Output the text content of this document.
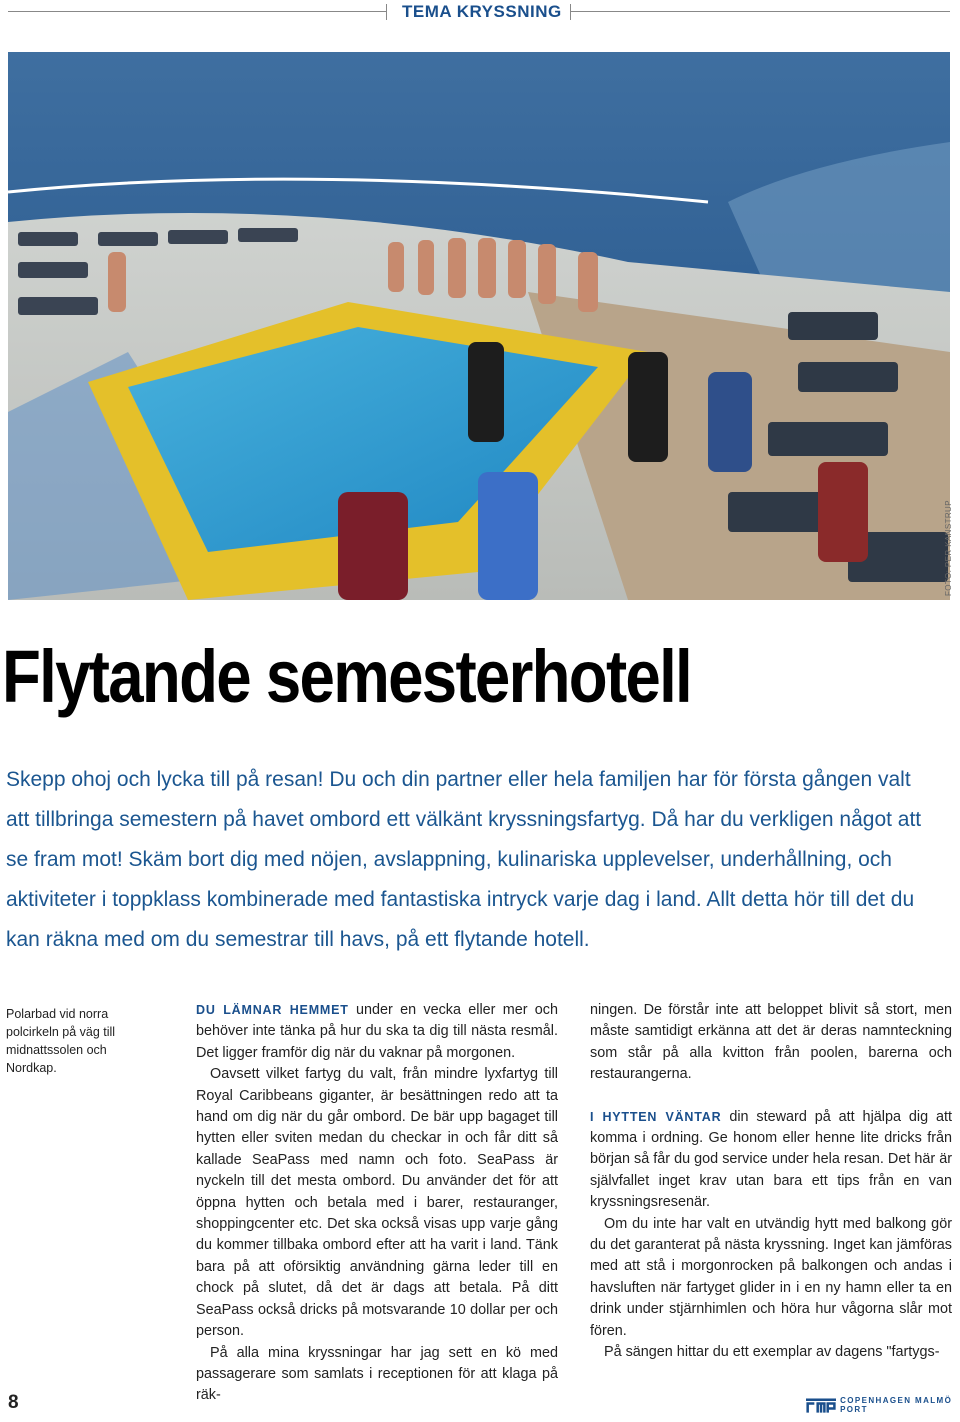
TEMA KRYSSNING
FOTO: PER KANSTRUP
Flytande semesterhotell

Skepp ohoj och lycka till på resan! Du och din partner eller hela familjen har för första gången valt att tillbringa semestern på havet ombord ett välkänt kryssningsfartyg. Då har du verkligen något att se fram mot! Skäm bort dig med nöjen, avslappning, kulinariska upplevelser, underhållning, och aktiviteter i toppklass kombinerade med fantastiska intryck varje dag i land. Allt detta hör till det du kan räkna med om du semestrar till havs, på ett flytande hotell.

Polarbad vid norra polcirkeln på väg till midnattssolen och Nordkap.

DU LÄMNAR HEMMET under en vecka eller mer och behöver inte tänka på hur du ska ta dig till nästa resmål. Det ligger framför dig när du vaknar på morgonen.

Oavsett vilket fartyg du valt, från mindre lyxfartyg till Royal Caribbeans giganter, är besättningen redo att ta hand om dig när du går ombord. De bär upp bagaget till hytten eller sviten medan du checkar in och får ditt så kallade SeaPass med namn och foto. SeaPass är nyckeln till det mesta ombord. Du använder det för att öppna hytten och betala med i barer, restauranger, shoppingcenter etc. Det ska också visas upp varje gång du kommer tillbaka ombord efter att ha varit i land. Tänk bara på att oförsiktig användning gärna leder till en chock på slutet, då det är dags att betala. På ditt SeaPass också dricks på motsvarande 10 dollar per och person.

På alla mina kryssningar har jag sett en kö med passagerare som samlats i receptionen för att klaga på räk-

ningen. De förstår inte att beloppet blivit så stort, men måste samtidigt erkänna att det är deras namnteckning som står på alla kvitton från poolen, barerna och restaurangerna.

I HYTTEN VÄNTAR din steward på att hjälpa dig att komma i ordning. Ge honom eller henne lite dricks från början så får du god service under hela resan. Det här är självfallet inget krav utan bara ett tips från en van kryssningsresenär.

Om du inte har valt en utvändig hytt med balkong gör du det garanterat på nästa kryssning. Inget kan jämföras med att stå i morgonrocken på balkongen och andas i havsluften när fartyget glider in i en ny hamn eller ta en drink under stjärnhimlen och höra hur vågorna slår mot fören.

På sängen hittar du ett exemplar av dagens "fartygs-

8	COPENHAGEN MALMÖ PORT
